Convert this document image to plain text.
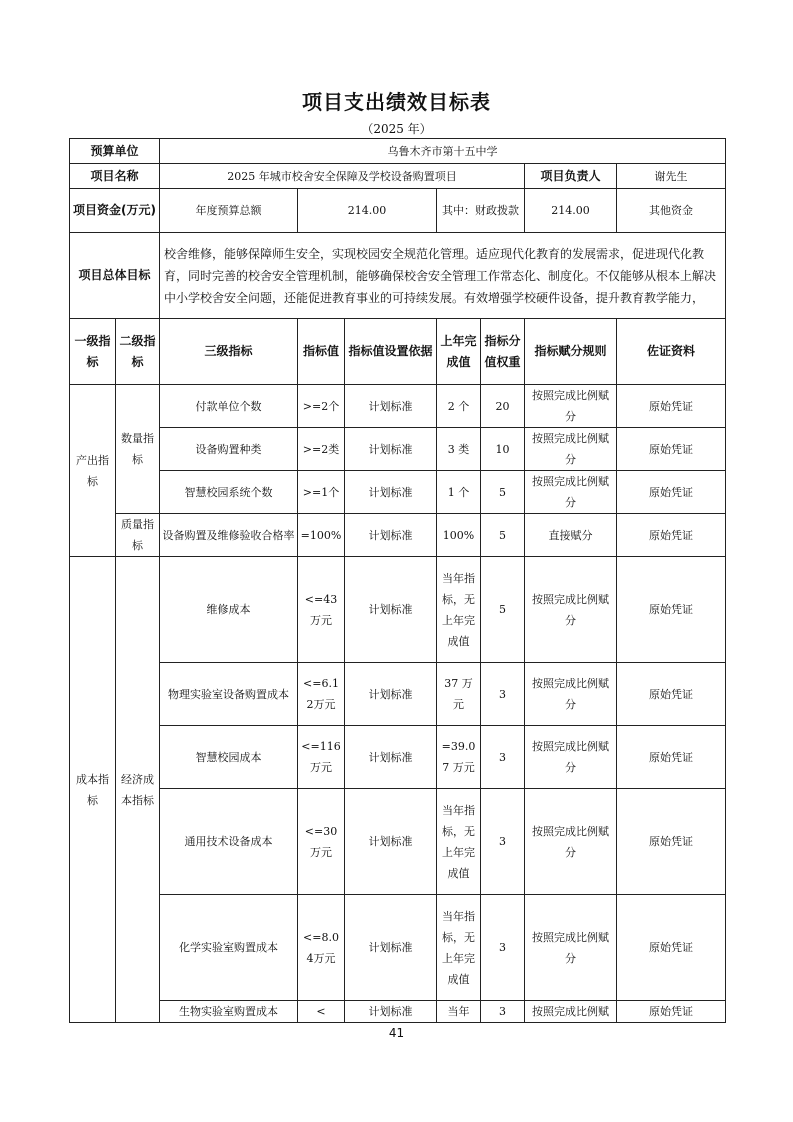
项目支出绩效目标表
（2025 年）
预算单位		乌鲁木齐市第十五中学						
项目名称		2025 年城市校舍安全保障及学校设备购置项目					项目负责人	谢先生
项目资金(万元)		年度预算总额	214.00		其中：财政拨款		214.00	其他资金
项目总体目标		校舍维修，能够保障师生安全，实现校园安全规范化管理。适应现代化教育的发展需求，促进现代化教育，同时完善的校舍安全管理机制，能够确保校舍安全管理工作常态化、制度化。不仅能够从根本上解决中小学校舍安全问题，还能促进教育事业的可持续发展。有效增强学校硬件设备，提升教育教学能力，						
一级指标	二级指标	三级指标	指标值	指标值设置依据	上年完成值	指标分值权重	指标赋分规则	佐证资料
产出指标	数量指标	付款单位个数	>=2个	计划标准	2 个	20	按照完成比例赋分	原始凭证
		设备购置种类	>=2类	计划标准	3 类	10	按照完成比例赋分	原始凭证
		智慧校园系统个数	>=1个	计划标准	1 个	5	按照完成比例赋分	原始凭证
	质量指标	设备购置及维修验收合格率	=100%	计划标准	100%	5	直接赋分	原始凭证
成本指标	经济成本指标	维修成本	<=43万元	计划标准	当年指标，无上年完成值	5	按照完成比例赋分	原始凭证
		物理实验室设备购置成本	<=6.12万元	计划标准	37 万元	3	按照完成比例赋分	原始凭证
		智慧校园成本	<=116万元	计划标准	=39.07 万元	3	按照完成比例赋分	原始凭证
		通用技术设备成本	<=30万元	计划标准	当年指标，无上年完成值	3	按照完成比例赋分	原始凭证
		化学实验室购置成本	<=8.04万元	计划标准	当年指标，无上年完成值	3	按照完成比例赋分	原始凭证
		生物实验室购置成本	<	计划标准	当年	3	按照完成比例赋	原始凭证
41
